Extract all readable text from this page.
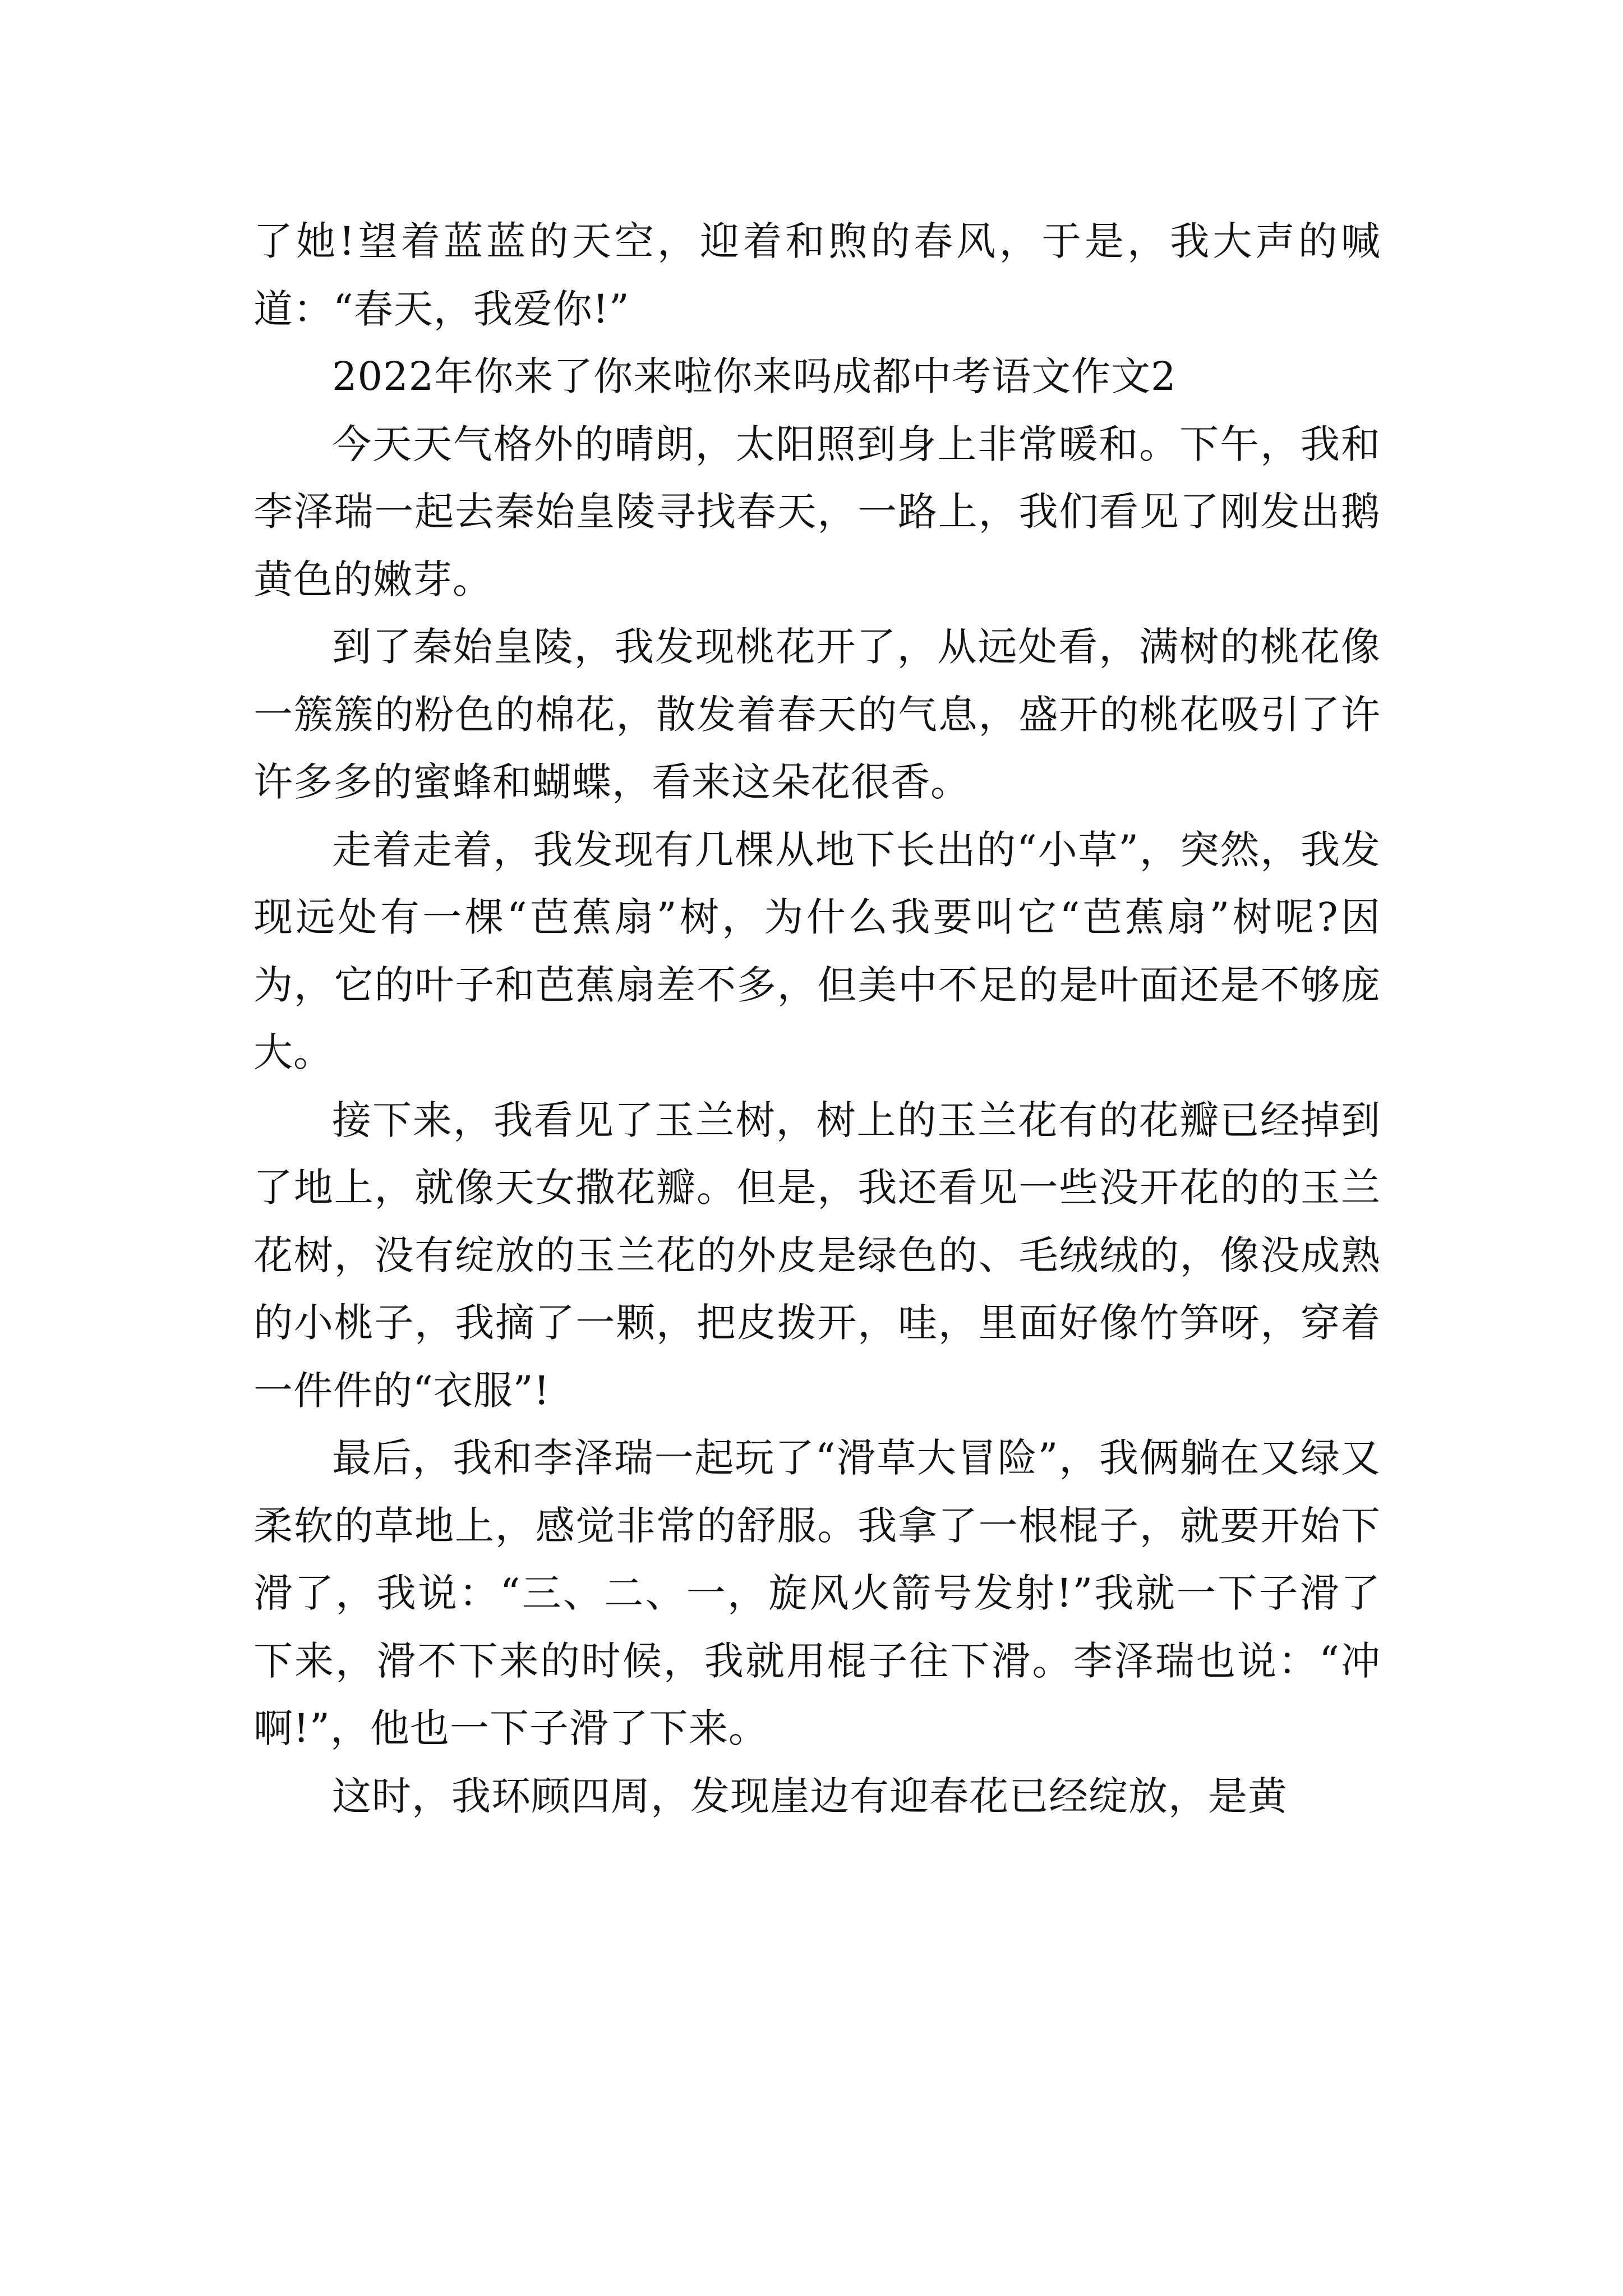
了她!望着蓝蓝的天空，迎着和煦的春风，于是，我大声的喊道：“春天，我爱你!”

2022年你来了你来啦你来吗成都中考语文作文2

今天天气格外的晴朗，太阳照到身上非常暖和。下午，我和李泽瑞一起去秦始皇陵寻找春天，一路上，我们看见了刚发出鹅黄色的嫩芽。

到了秦始皇陵，我发现桃花开了，从远处看，满树的桃花像一簇簇的粉色的棉花，散发着春天的气息，盛开的桃花吸引了许许多多的蜜蜂和蝴蝶，看来这朵花很香。

走着走着，我发现有几棵从地下长出的“小草”，突然，我发现远处有一棵“芭蕉扇”树，为什么我要叫它“芭蕉扇”树呢?因为，它的叶子和芭蕉扇差不多，但美中不足的是叶面还是不够庞大。

接下来，我看见了玉兰树，树上的玉兰花有的花瓣已经掉到了地上，就像天女撒花瓣。但是，我还看见一些没开花的的玉兰花树，没有绽放的玉兰花的外皮是绿色的、毛绒绒的，像没成熟的小桃子，我摘了一颗，把皮拨开，哇，里面好像竹笋呀，穿着一件件的“衣服”!

最后，我和李泽瑞一起玩了“滑草大冒险”，我俩躺在又绿又柔软的草地上，感觉非常的舒服。我拿了一根棍子，就要开始下滑了，我说：“三、二、一，旋风火箭号发射!”我就一下子滑了下来，滑不下来的时候，我就用棍子往下滑。李泽瑞也说：“冲啊!”，他也一下子滑了下来。

这时，我环顾四周，发现崖边有迎春花已经绽放，是黄
